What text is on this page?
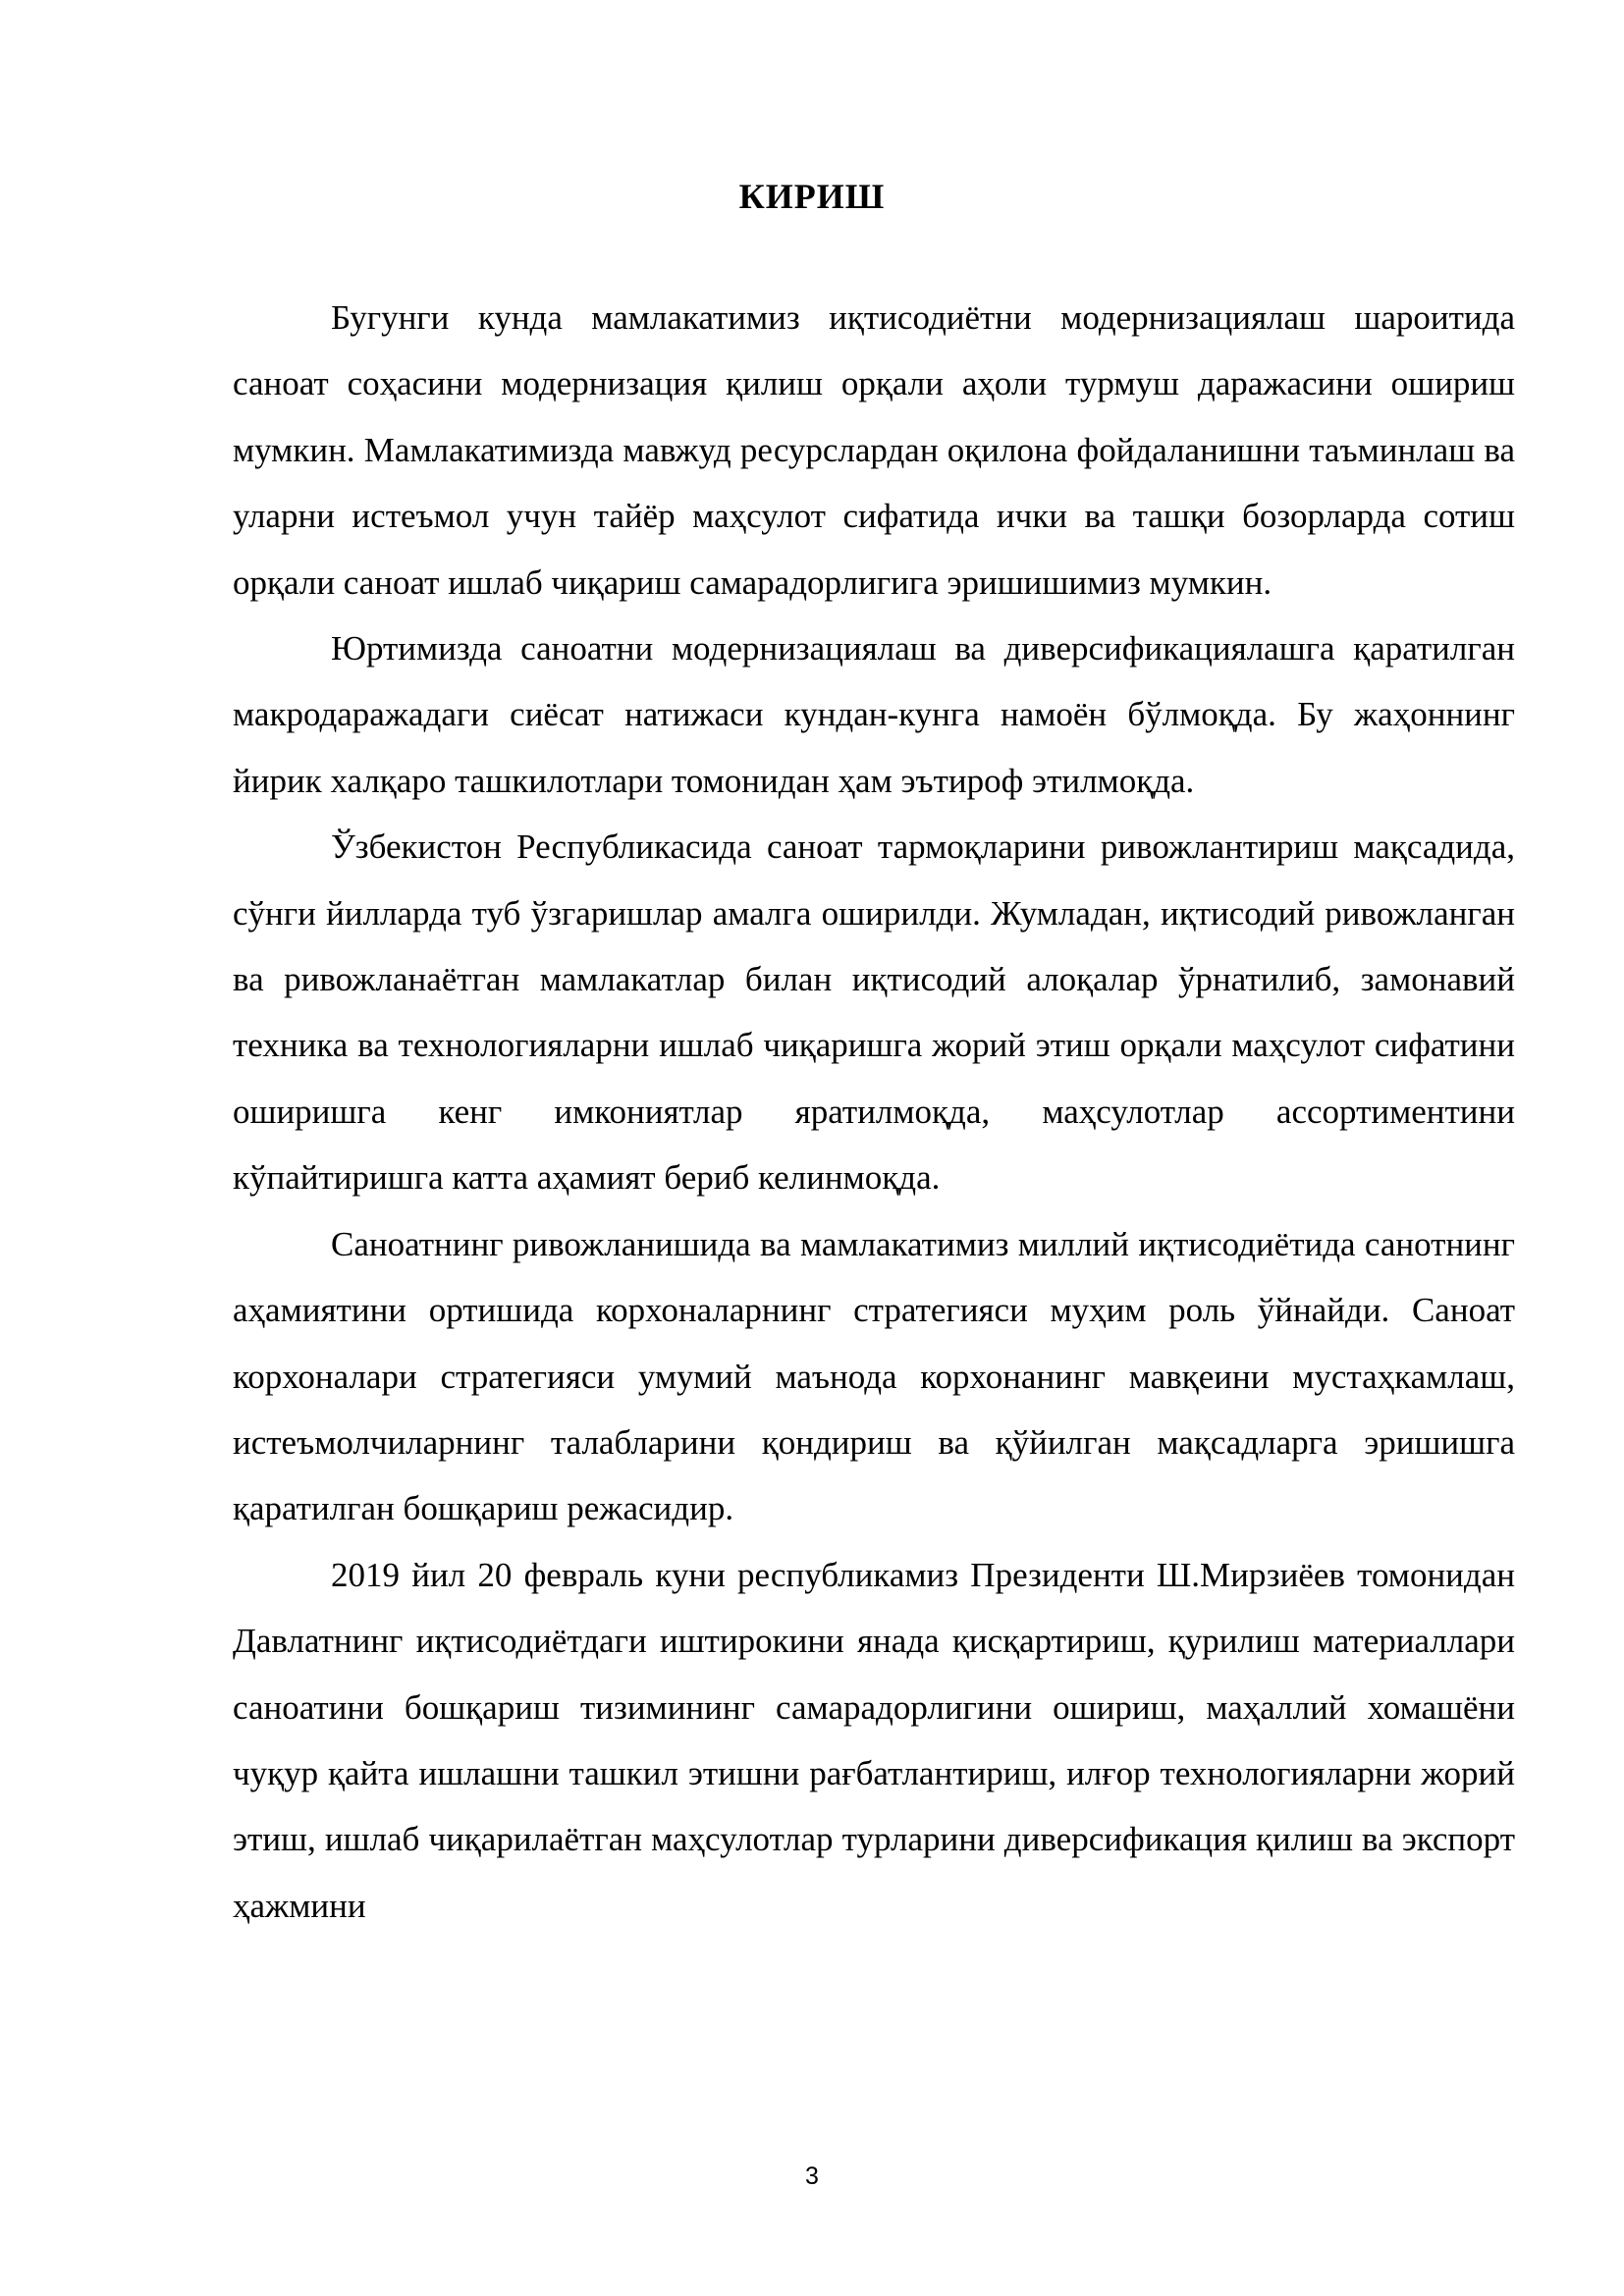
КИРИШ

Бугунги кунда мамлакатимиз иқтисодиётни модернизациялаш шароитида саноат соҳасини модернизация қилиш орқали аҳоли турмуш даражасини ошириш мумкин. Мамлакатимизда мавжуд ресурслардан оқилона фойдаланишни таъминлаш ва уларни истеъмол учун тайёр маҳсулот сифатида ички ва ташқи бозорларда сотиш орқали саноат ишлаб чиқариш самарадорлигига эришишимиз мумкин.

Юртимизда саноатни модернизациялаш ва диверсификациялашга қаратилган макродаражадаги сиёсат натижаси кундан-кунга намоён бўлмоқда. Бу жаҳоннинг йирик халқаро ташкилотлари томонидан ҳам эътироф этилмоқда.

Ўзбекистон Республикасида саноат тармоқларини ривожлантириш мақсадида, сўнги йилларда туб ўзгаришлар амалга оширилди. Жумладан, иқтисодий ривожланган ва ривожланаётган мамлакатлар билан иқтисодий алоқалар ўрнатилиб, замонавий техника ва технологияларни ишлаб чиқаришга жорий этиш орқали маҳсулот сифатини оширишга кенг имкониятлар яратилмоқда, маҳсулотлар ассортиментини кўпайтиришга катта аҳамият бериб келинмоқда.

Саноатнинг ривожланишида ва мамлакатимиз миллий иқтисодиётида санотнинг аҳамиятини ортишида корхоналарнинг стратегияси муҳим роль ўйнайди. Саноат корхоналари стратегияси умумий маънода корхонанинг мавқеини мустаҳкамлаш, истеъмолчиларнинг талабларини қондириш ва қўйилган мақсадларга эришишга қаратилган бошқариш режасидир.

2019 йил 20 февраль куни республикамиз Президенти Ш.Мирзиёев томонидан Давлатнинг иқтисодиётдаги иштирокини янада қисқартириш, қурилиш материаллари саноатини бошқариш тизимининг самарадорлигини ошириш, маҳаллий хомашёни чуқур қайта ишлашни ташкил этишни рағбатлантириш, илғор технологияларни жорий этиш, ишлаб чиқарилаётган маҳсулотлар турларини диверсификация қилиш ва экспорт ҳажмини

3
